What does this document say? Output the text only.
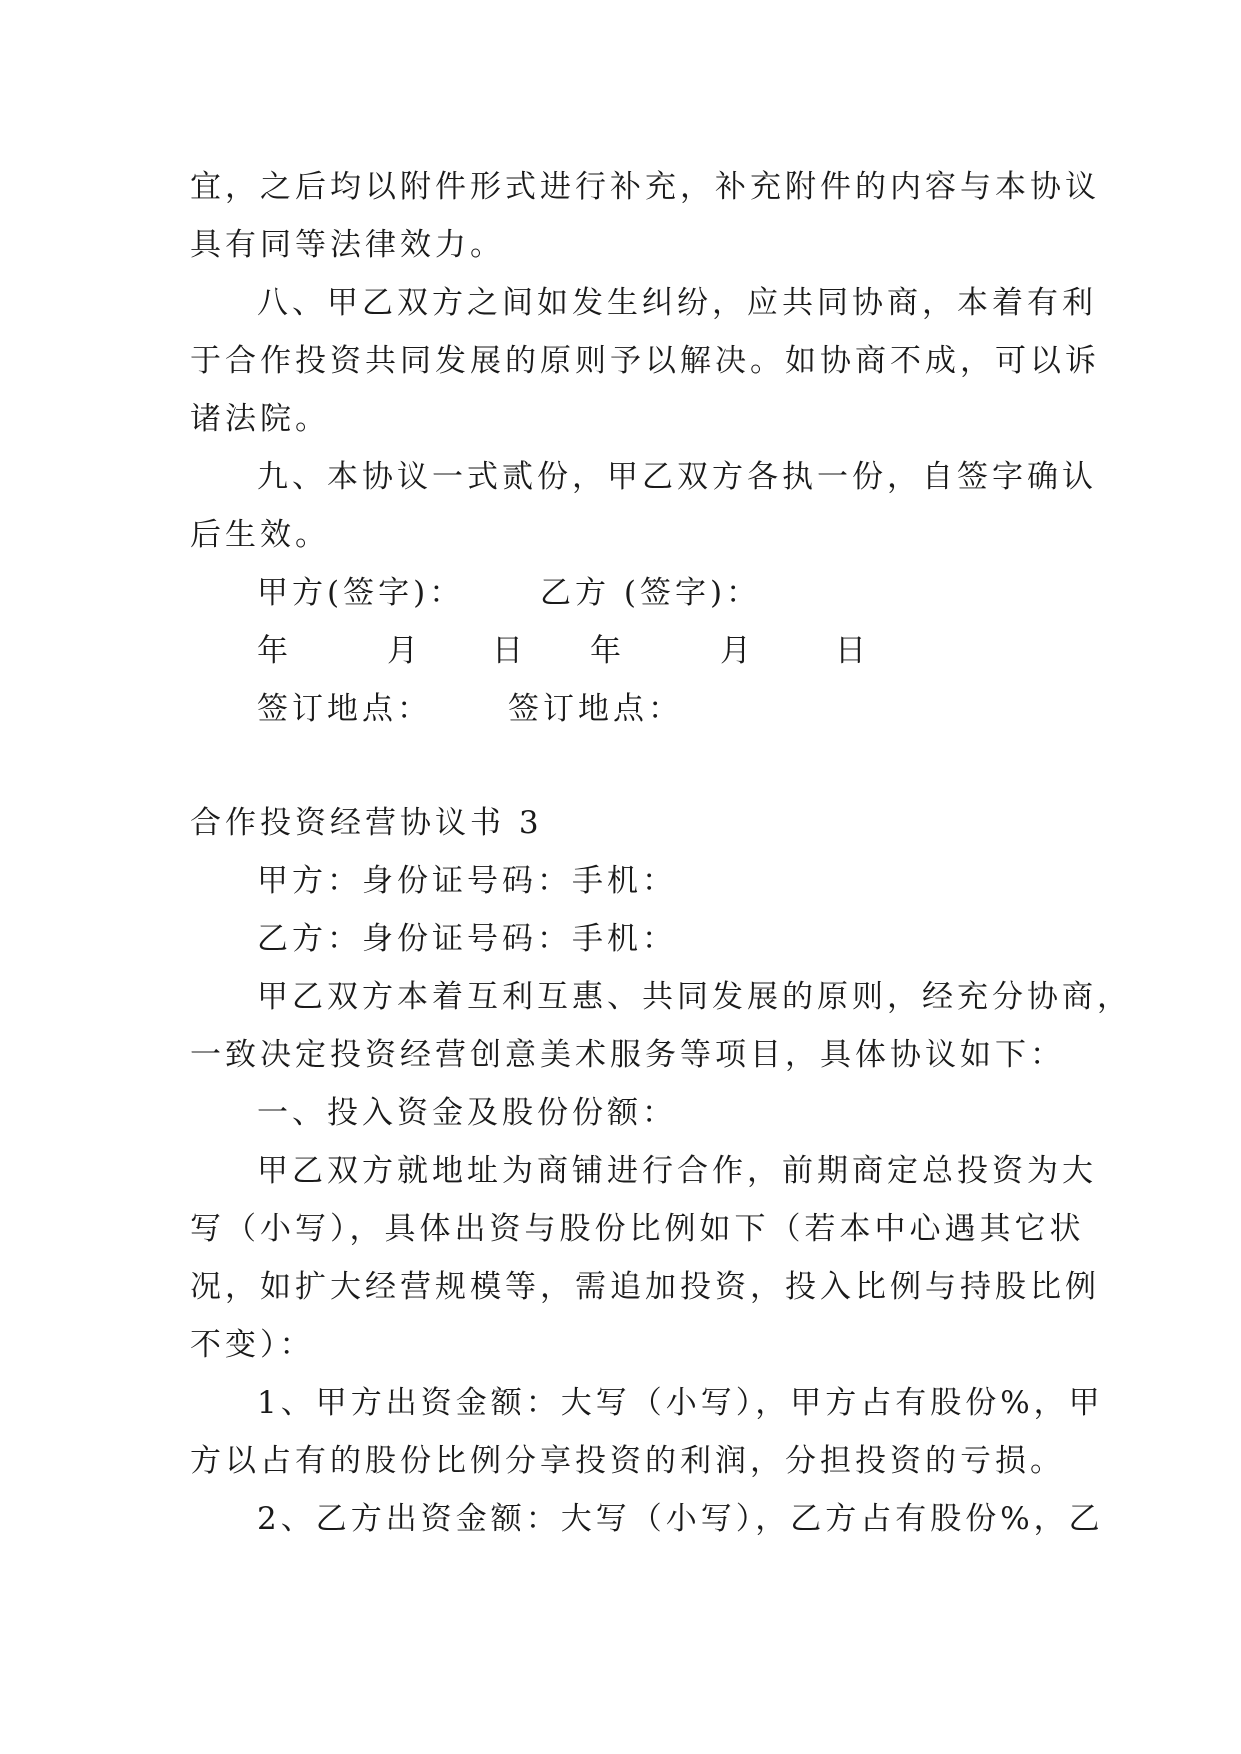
宜，之后均以附件形式进行补充，补充附件的内容与本协议
具有同等法律效力。
八、甲乙双方之间如发生纠纷，应共同协商，本着有利
于合作投资共同发展的原则予以解决。如协商不成，可以诉
诸法院。
九、本协议一式贰份，甲乙双方各执一份，自签字确认
后生效。
甲方(签字)： 乙方 (签字)：
年	月 日 年	月	日
签订地点： 签订地点：
合作投资经营协议书 3
甲方：身份证号码：手机：
乙方：身份证号码：手机：
甲乙双方本着互利互惠、共同发展的原则，经充分协商，
一致决定投资经营创意美术服务等项目，具体协议如下：
一、投入资金及股份份额：
甲乙双方就地址为商铺进行合作，前期商定总投资为大
写（小写），具体出资与股份比例如下（若本中心遇其它状
况，如扩大经营规模等，需追加投资，投入比例与持股比例
不变）：
1、甲方出资金额：大写（小写），甲方占有股份%，甲
方以占有的股份比例分享投资的利润，分担投资的亏损。
2、乙方出资金额：大写（小写），乙方占有股份%，乙
